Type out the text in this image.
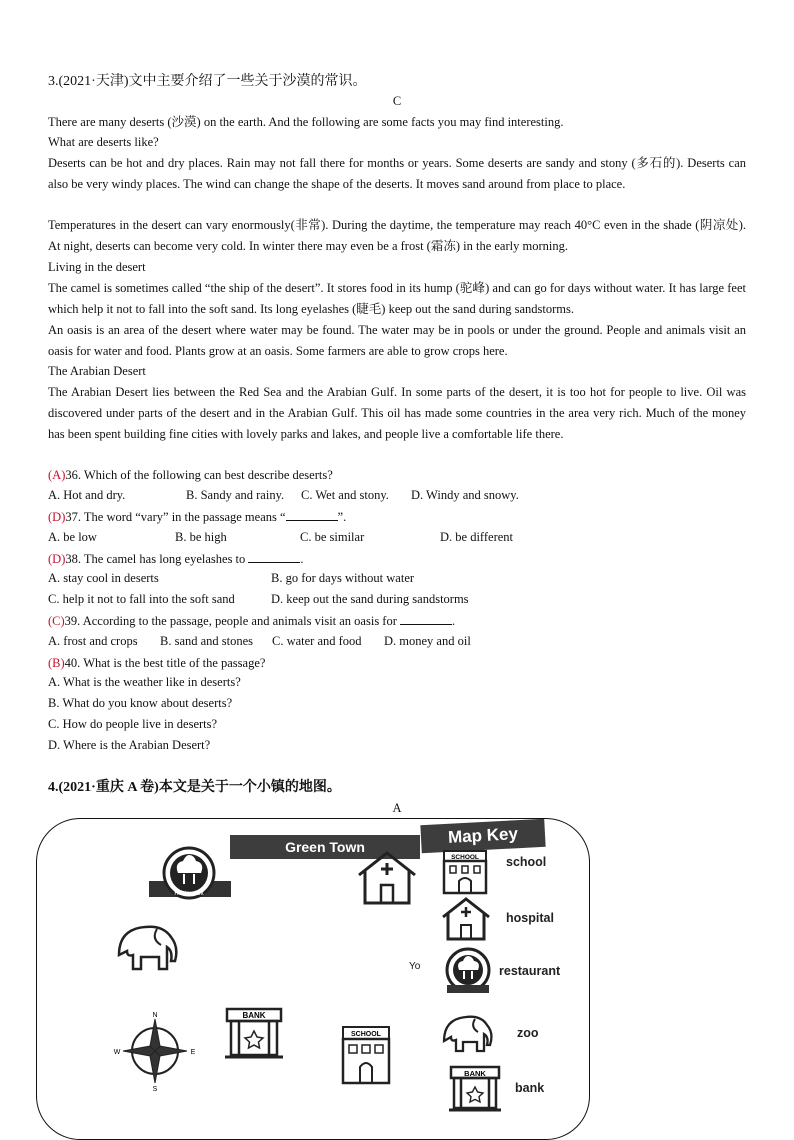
3.(2021·天津)文中主要介绍了一些关于沙漠的常识。
C
There are many deserts (沙漠) on the earth. And the following are some facts you may find interesting.
What are deserts like?
Deserts can be hot and dry places. Rain may not fall there for months or years. Some deserts are sandy and stony (多石的). Deserts can also be very windy places. The wind can change the shape of the deserts. It moves sand around from place to place.
Temperatures in the desert can vary enormously(非常). During the daytime, the temperature may reach 40°C even in the shade (阴凉处). At night, deserts can become very cold. In winter there may even be a frost (霜冻) in the early morning.
Living in the desert
The camel is sometimes called “the ship of the desert”. It stores food in its hump (驼峰) and can go for days without water. It has large feet which help it not to fall into the soft sand. Its long eyelashes (睫毛) keep out the sand during sandstorms.
An oasis is an area of the desert where water may be found. The water may be in pools or under the ground. People and animals visit an oasis for water and food. Plants grow at an oasis. Some farmers are able to grow crops here.
The Arabian Desert
The Arabian Desert lies between the Red Sea and the Arabian Gulf. In some parts of the desert, it is too hot for people to live. Oil was discovered under parts of the desert and in the Arabian Gulf. This oil has made some countries in the area very rich. Much of the money has been spent building fine cities with lovely parks and lakes, and people live a comfortable life there.
(A)36. Which of the following can best describe deserts?
A. Hot and dry.	B. Sandy and rainy. C. Wet and stony. D. Windy and snowy.
(D)37. The word “vary” in the passage means “	”.
A. be low	B. be high	C. be similar	D. be different
(D)38. The camel has long eyelashes to	.
A. stay cool in deserts	B. go for days without water
C. help it not to fall into the soft sand	D. keep out the sand during sandstorms
(C)39. According to the passage, people and animals visit an oasis for	.
A. frost and crops B. sand and stones C. water and food D. money and oil
(B)40. What is the best title of the passage?
A. What is the weather like in deserts?
B. What do you know about deserts?
C. How do people live in deserts?
D. Where is the Arabian Desert?
4.(2021·重庆 A 卷)本文是关于一个小镇的地图。
A
Green Town
Map Key
Restaurant
N
S
W	E
BANK
SCHOOL
Yo
SCHOOL school
hospital
restaurant
zoo
BANK
bank
